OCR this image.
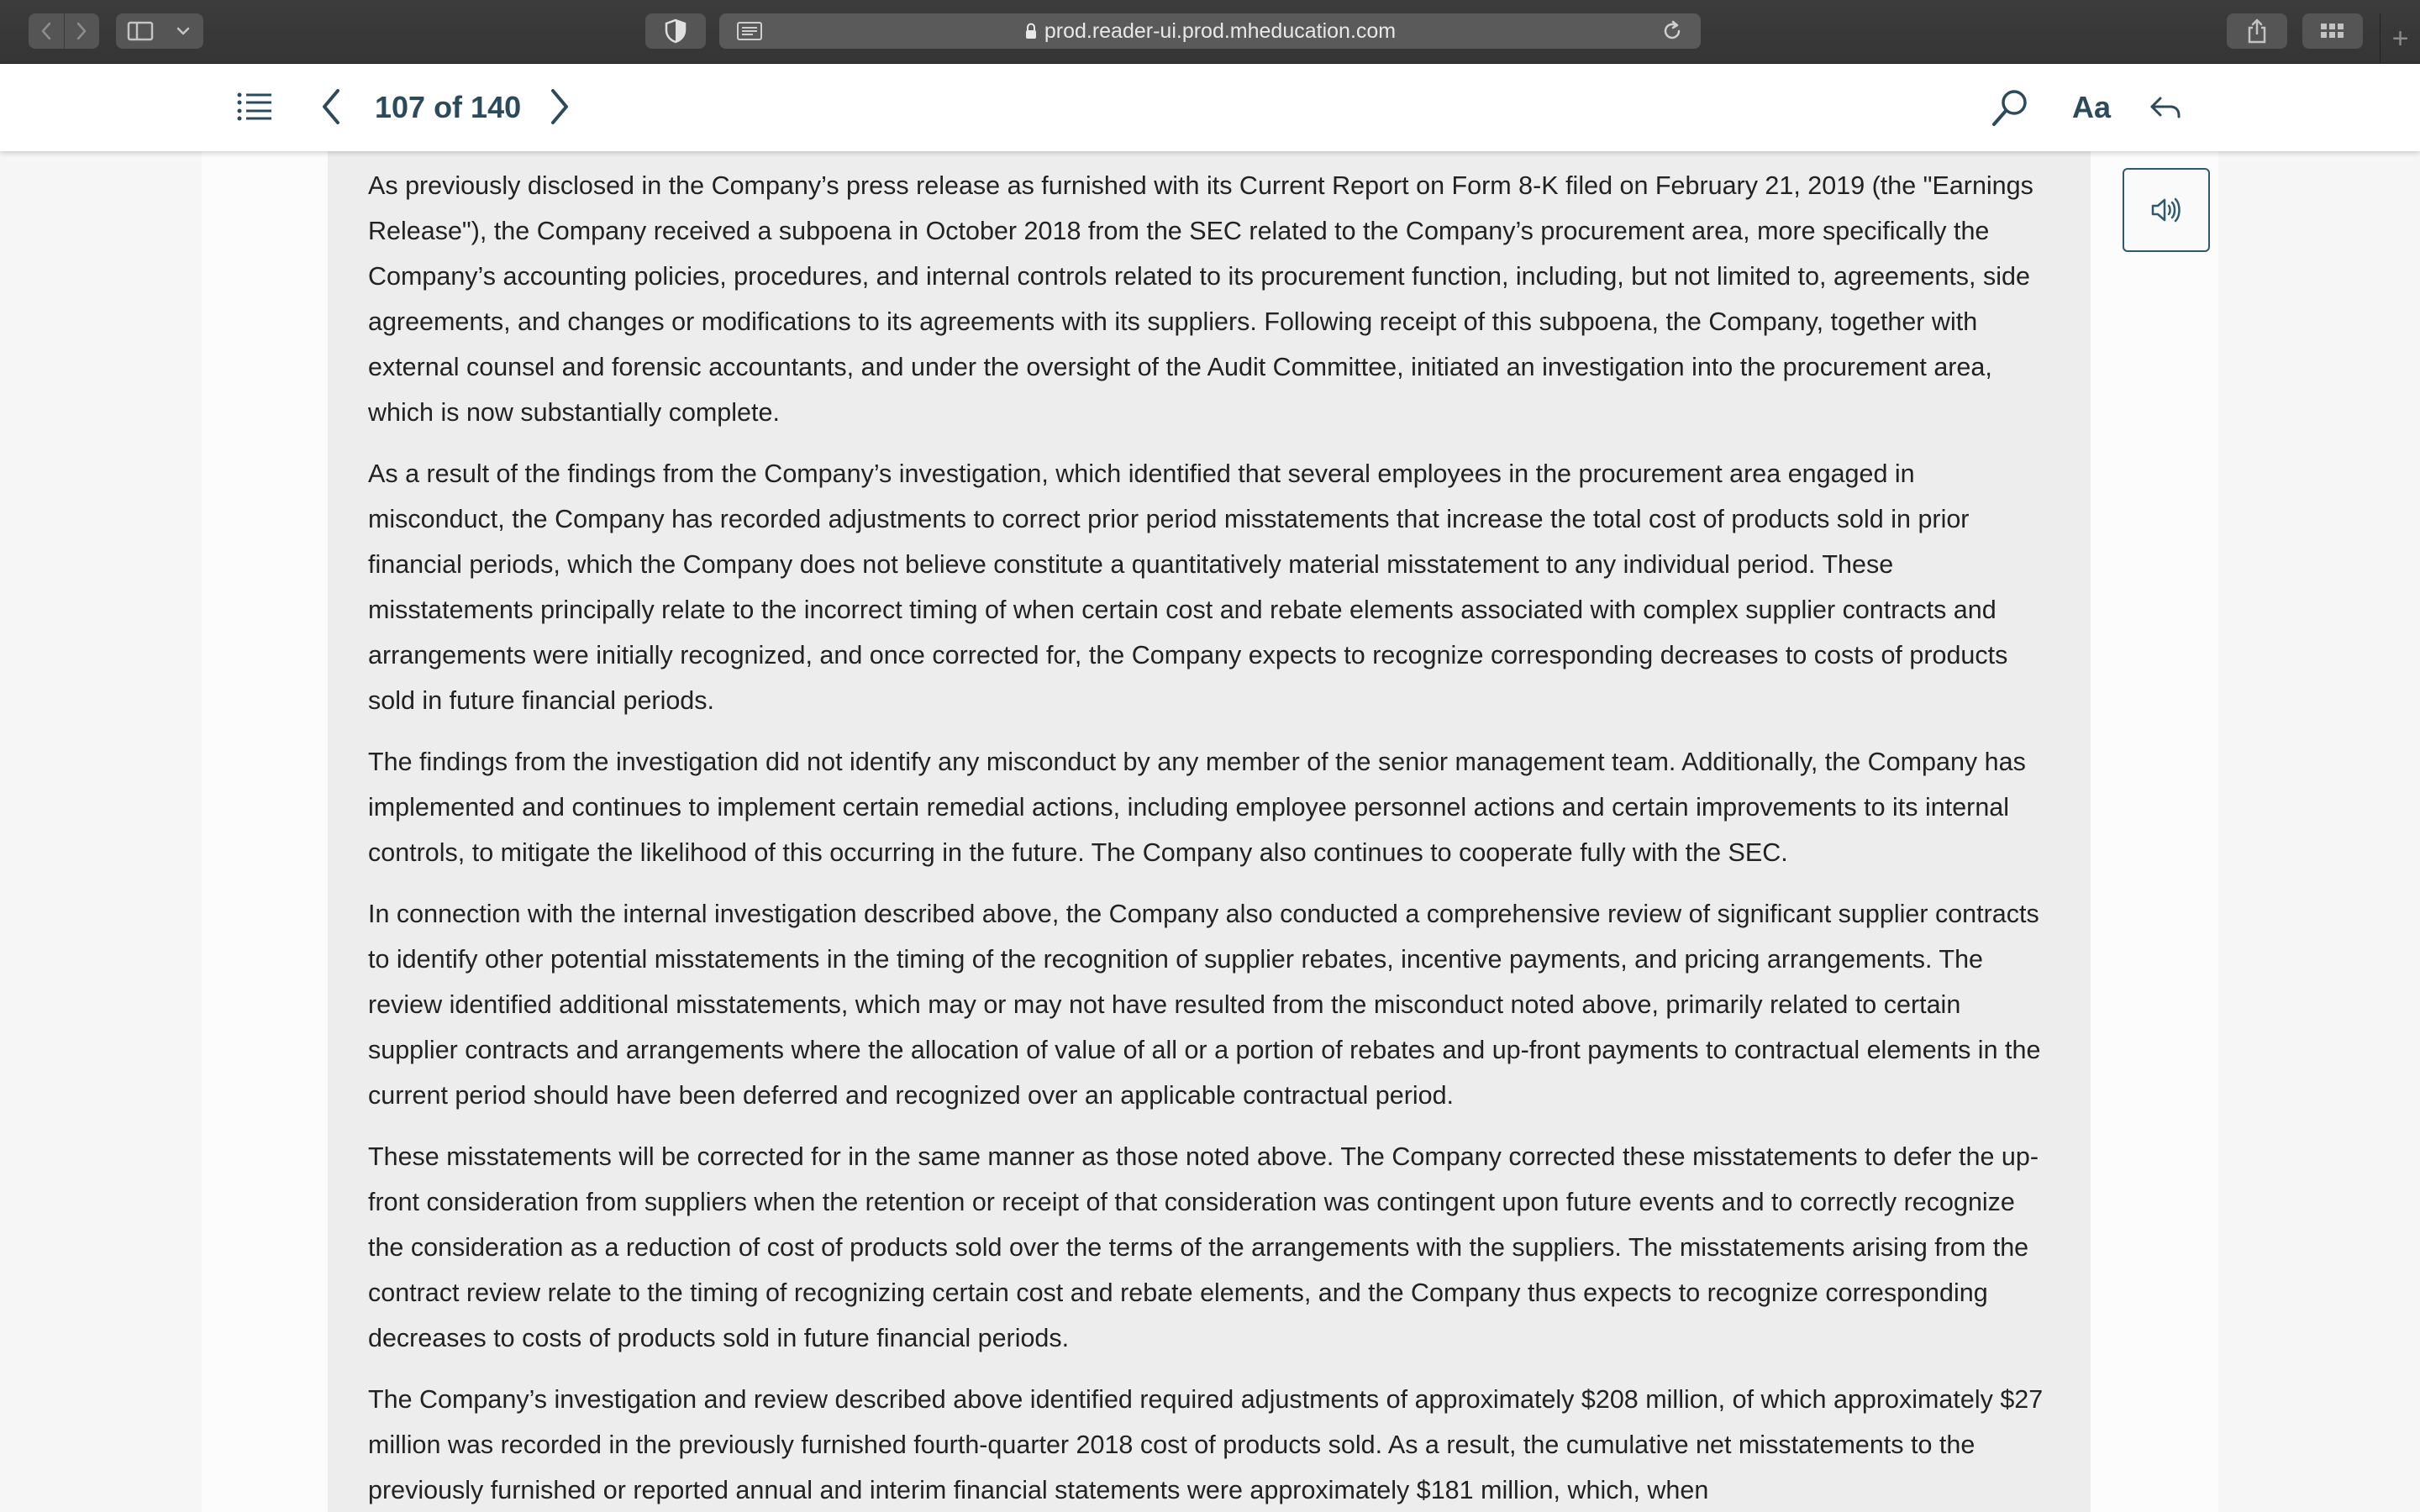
prod.reader-ui.prod.mheducation.com	+
107 of 140	Aa

As previously disclosed in the Company’s press release as furnished with its Current Report on Form 8-K filed on February 21, 2019 (the "Earnings Release"), the Company received a subpoena in October 2018 from the SEC related to the Company’s procurement area, more specifically the Company’s accounting policies, procedures, and internal controls related to its procurement function, including, but not limited to, agreements, side agreements, and changes or modifications to its agreements with its suppliers. Following receipt of this subpoena, the Company, together with external counsel and forensic accountants, and under the oversight of the Audit Committee, initiated an investigation into the procurement area, which is now substantially complete.

As a result of the findings from the Company’s investigation, which identified that several employees in the procurement area engaged in misconduct, the Company has recorded adjustments to correct prior period misstatements that increase the total cost of products sold in prior financial periods, which the Company does not believe constitute a quantitatively material misstatement to any individual period. These misstatements principally relate to the incorrect timing of when certain cost and rebate elements associated with complex supplier contracts and arrangements were initially recognized, and once corrected for, the Company expects to recognize corresponding decreases to costs of products sold in future financial periods.

The findings from the investigation did not identify any misconduct by any member of the senior management team. Additionally, the Company has implemented and continues to implement certain remedial actions, including employee personnel actions and certain improvements to its internal controls, to mitigate the likelihood of this occurring in the future. The Company also continues to cooperate fully with the SEC.

In connection with the internal investigation described above, the Company also conducted a comprehensive review of significant supplier contracts to identify other potential misstatements in the timing of the recognition of supplier rebates, incentive payments, and pricing arrangements. The review identified additional misstatements, which may or may not have resulted from the misconduct noted above, primarily related to certain supplier contracts and arrangements where the allocation of value of all or a portion of rebates and up-front payments to contractual elements in the current period should have been deferred and recognized over an applicable contractual period.

These misstatements will be corrected for in the same manner as those noted above. The Company corrected these misstatements to defer the up-front consideration from suppliers when the retention or receipt of that consideration was contingent upon future events and to correctly recognize the consideration as a reduction of cost of products sold over the terms of the arrangements with the suppliers. The misstatements arising from the contract review relate to the timing of recognizing certain cost and rebate elements, and the Company thus expects to recognize corresponding decreases to costs of products sold in future financial periods.

The Company’s investigation and review described above identified required adjustments of approximately $208 million, of which approximately $27 million was recorded in the previously furnished fourth-quarter 2018 cost of products sold. As a result, the cumulative net misstatements to the previously furnished or reported annual and interim financial statements were approximately $181 million, which, when
